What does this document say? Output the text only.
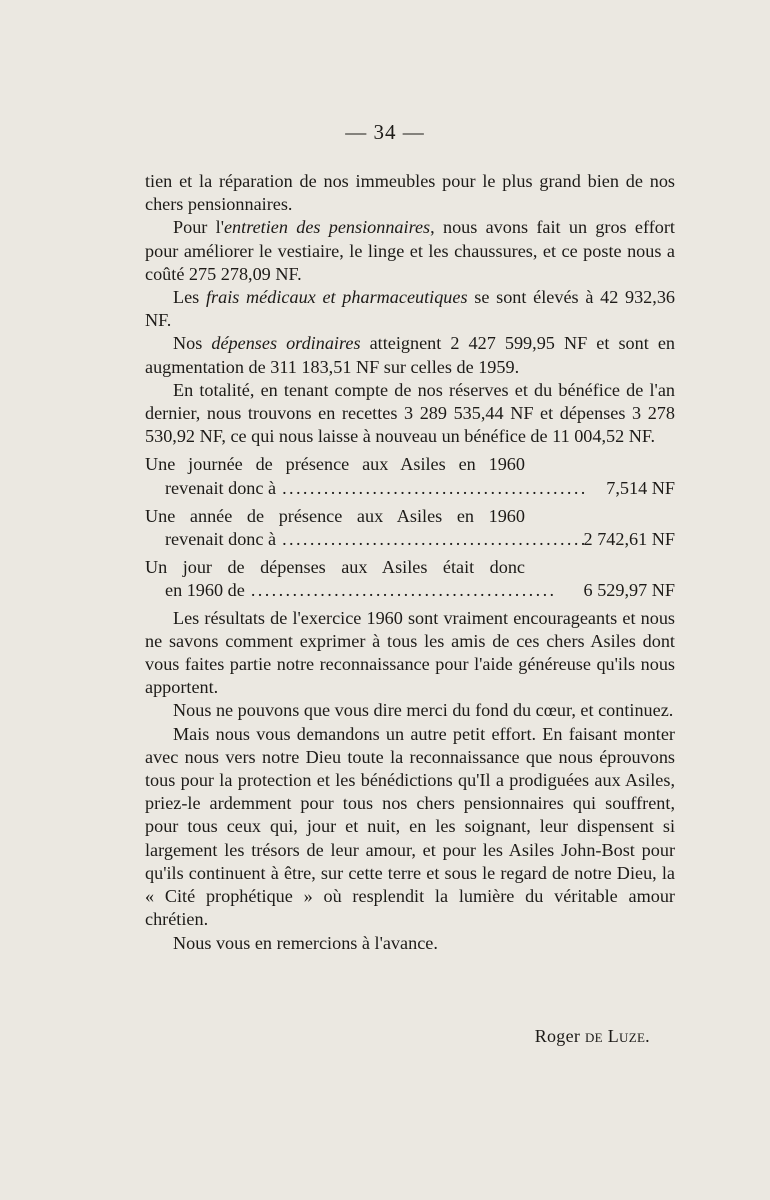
— 34 —

tien et la réparation de nos immeubles pour le plus grand bien de nos chers pensionnaires.

Pour l'entretien des pensionnaires, nous avons fait un gros effort pour améliorer le vestiaire, le linge et les chaussures, et ce poste nous a coûté 275 278,09 NF.

Les frais médicaux et pharmaceutiques se sont élevés à 42 932,36 NF.

Nos dépenses ordinaires atteignent 2 427 599,95 NF et sont en augmentation de 311 183,51 NF sur celles de 1959.

En totalité, en tenant compte de nos réserves et du bénéfice de l'an dernier, nous trouvons en recettes 3 289 535,44 NF et dépenses 3 278 530,92 NF, ce qui nous laisse à nouveau un bénéfice de 11 004,52 NF.

Une journée de présence aux Asiles en 1960
revenait donc à ............................................	7,514 NF
Une année de présence aux Asiles en 1960
revenait donc à ............................................
2 742,61 NF
Un jour de dépenses aux Asiles était donc
en 1960 de ............................................	6 529,97 NF

Les résultats de l'exercice 1960 sont vraiment encourageants et nous ne savons comment exprimer à tous les amis de ces chers Asiles dont vous faites partie notre reconnaissance pour l'aide généreuse qu'ils nous apportent.

Nous ne pouvons que vous dire merci du fond du cœur, et continuez.

Mais nous vous demandons un autre petit effort. En faisant monter avec nous vers notre Dieu toute la reconnaissance que nous éprouvons tous pour la protection et les bénédictions qu'Il a prodiguées aux Asiles, priez-le ardemment pour tous nos chers pensionnaires qui souffrent, pour tous ceux qui, jour et nuit, en les soignant, leur dispensent si largement les trésors de leur amour, et pour les Asiles John-Bost pour qu'ils continuent à être, sur cette terre et sous le regard de notre Dieu, la « Cité prophétique » où resplendit la lumière du véritable amour chrétien.

Nous vous en remercions à l'avance.

Roger de Luze.
